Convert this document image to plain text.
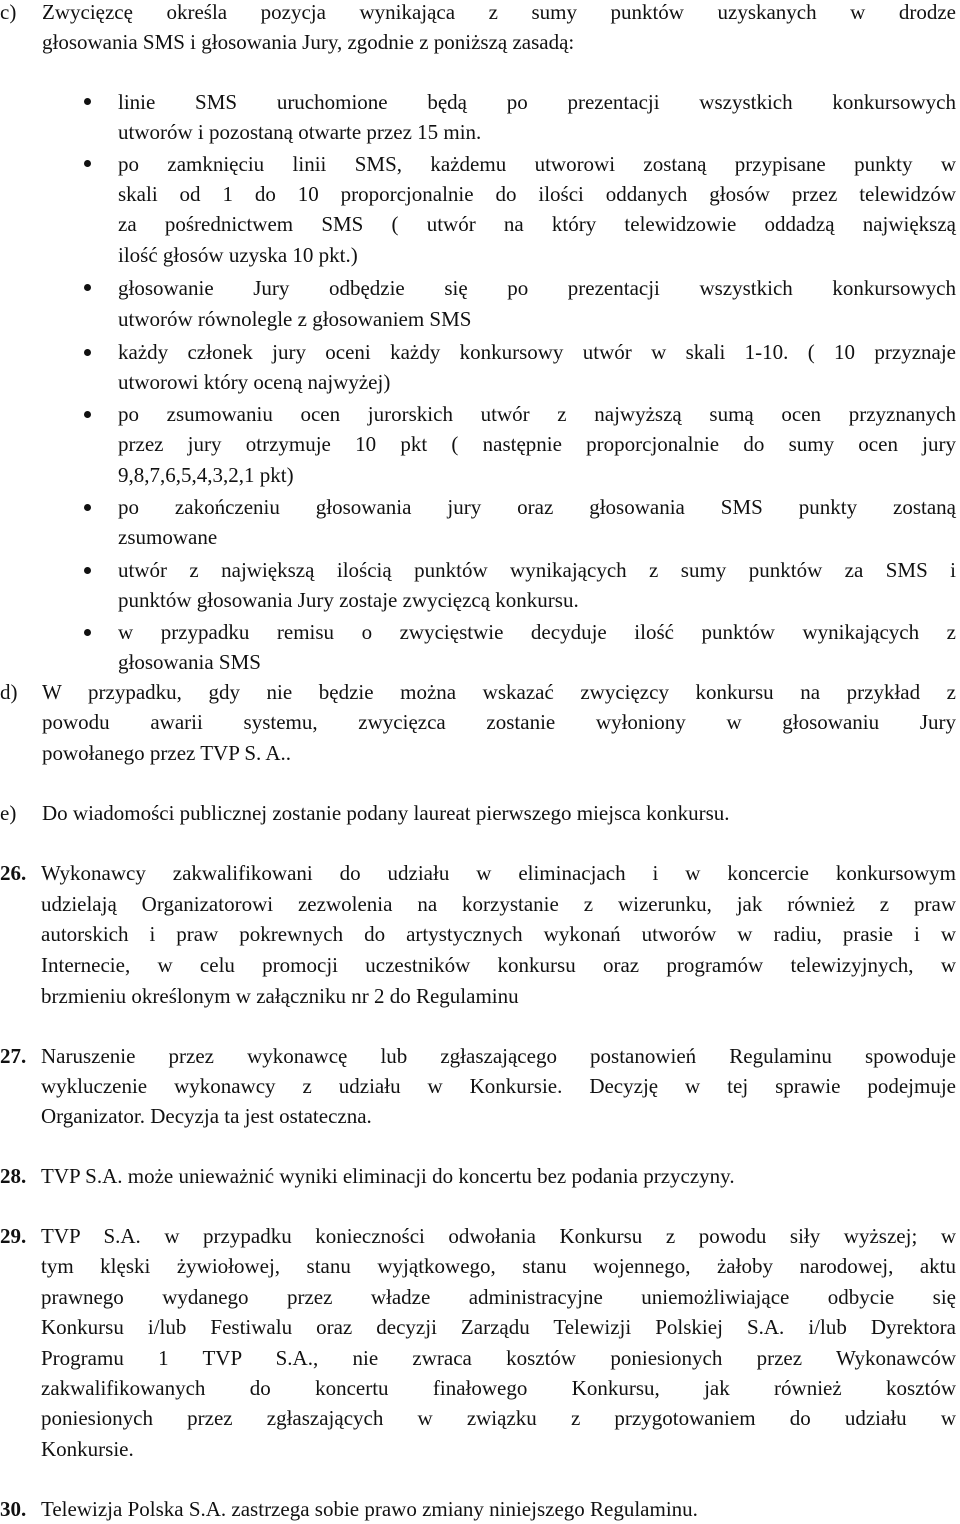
c) Zwycięzcę określa pozycja wynikająca z sumy punktów uzyskanych w drodze
głosowania SMS i głosowania Jury, zgodnie z poniższą zasadą:
linie SMS uruchomione będą po prezentacji wszystkich konkursowych
utworów i pozostaną otwarte przez 15 min.
po zamknięciu linii SMS, każdemu utworowi zostaną przypisane punkty w
skali od 1 do 10 proporcjonalnie do ilości oddanych głosów przez telewidzów
za pośrednictwem SMS ( utwór na który telewidzowie oddadzą największą
ilość głosów uzyska 10 pkt.)
głosowanie Jury odbędzie się po prezentacji wszystkich konkursowych
utworów równolegle z głosowaniem SMS
każdy członek jury oceni każdy konkursowy utwór w skali 1-10. ( 10 przyznaje
utworowi który oceną najwyżej)
po zsumowaniu ocen jurorskich utwór z najwyższą sumą ocen przyznanych
przez jury otrzymuje 10 pkt ( następnie proporcjonalnie do sumy ocen jury
9,8,7,6,5,4,3,2,1 pkt)
po zakończeniu głosowania jury oraz głosowania SMS punkty zostaną
zsumowane
utwór z największą ilością punktów wynikających z sumy punktów za SMS i
punktów głosowania Jury zostaje zwycięzcą konkursu.
w przypadku remisu o zwycięstwie decyduje ilość punktów wynikających z
głosowania SMS
d) W przypadku, gdy nie będzie można wskazać zwycięzcy konkursu na przykład z
powodu awarii systemu, zwycięzca zostanie wyłoniony w głosowaniu Jury
powołanego przez TVP S. A..
e) Do wiadomości publicznej zostanie podany laureat pierwszego miejsca konkursu.
26. Wykonawcy zakwalifikowani do udziału w eliminacjach i w koncercie konkursowym
udzielają Organizatorowi zezwolenia na korzystanie z wizerunku, jak również z praw
autorskich i praw pokrewnych do artystycznych wykonań utworów w radiu, prasie i w
Internecie, w celu promocji uczestników konkursu oraz programów telewizyjnych, w
brzmieniu określonym w załączniku nr 2 do Regulaminu
27. Naruszenie przez wykonawcę lub zgłaszającego postanowień Regulaminu spowoduje
wykluczenie wykonawcy z udziału w Konkursie. Decyzję w tej sprawie podejmuje
Organizator. Decyzja ta jest ostateczna.
28. TVP S.A. może unieważnić wyniki eliminacji do koncertu bez podania przyczyny.
29. TVP S.A. w przypadku konieczności odwołania Konkursu z powodu siły wyższej; w
tym klęski żywiołowej, stanu wyjątkowego, stanu wojennego, żałoby narodowej, aktu
prawnego wydanego przez władze administracyjne uniemożliwiające odbycie się
Konkursu i/lub Festiwalu oraz decyzji Zarządu Telewizji Polskiej S.A. i/lub Dyrektora
Programu 1 TVP S.A., nie zwraca kosztów poniesionych przez Wykonawców
zakwalifikowanych do koncertu finałowego Konkursu, jak również kosztów
poniesionych przez zgłaszających w związku z przygotowaniem do udziału w
Konkursie.
30. Telewizja Polska S.A. zastrzega sobie prawo zmiany niniejszego Regulaminu.
